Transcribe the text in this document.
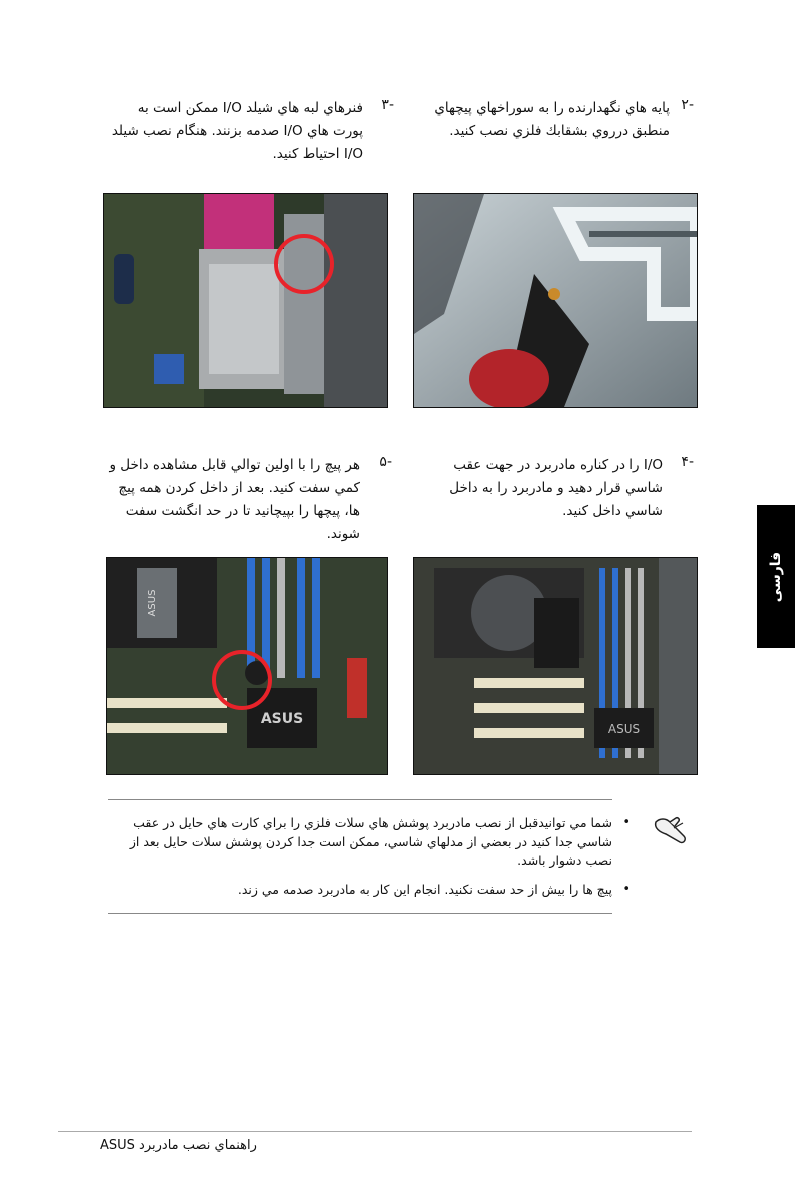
-٢
پايه هاي نگهدارنده را به سوراخهاي پيچهاي منطبق درروي بشقابك فلزي نصب كنيد.
-٣
فنرهاي لبه هاي شيلد I/O ممكن است به پورت هاي I/O صدمه بزنند. هنگام نصب شيلد I/O احتياط كنيد.
-۴
I/O را در كناره مادربرد در جهت عقب شاسي قرار دهيد و مادربرد را به داخل شاسي داخل كنيد.
-۵
هر پيچ را با اولين توالي قابل مشاهده داخل و كمي سفت كنيد. بعد از داخل كردن همه پيچ ها، پيچها را بپيچانيد تا در حد انگشت سفت شوند.
فارسی
ASUS
ASUS
ASUS
•
شما مي توانيدقبل از نصب مادربرد پوشش هاي سلات فلزي را براي كارت هاي حايل در عقب شاسي جدا كنيد در بعضي از مدلهاي شاسي، ممكن است جدا كردن پوشش سلات حايل بعد از نصب دشوار باشد.
•
پيچ ها را بيش از حد سفت نكنيد. انجام اين كار به مادربرد صدمه مي زند.
راهنماي نصب مادربرد ASUS
